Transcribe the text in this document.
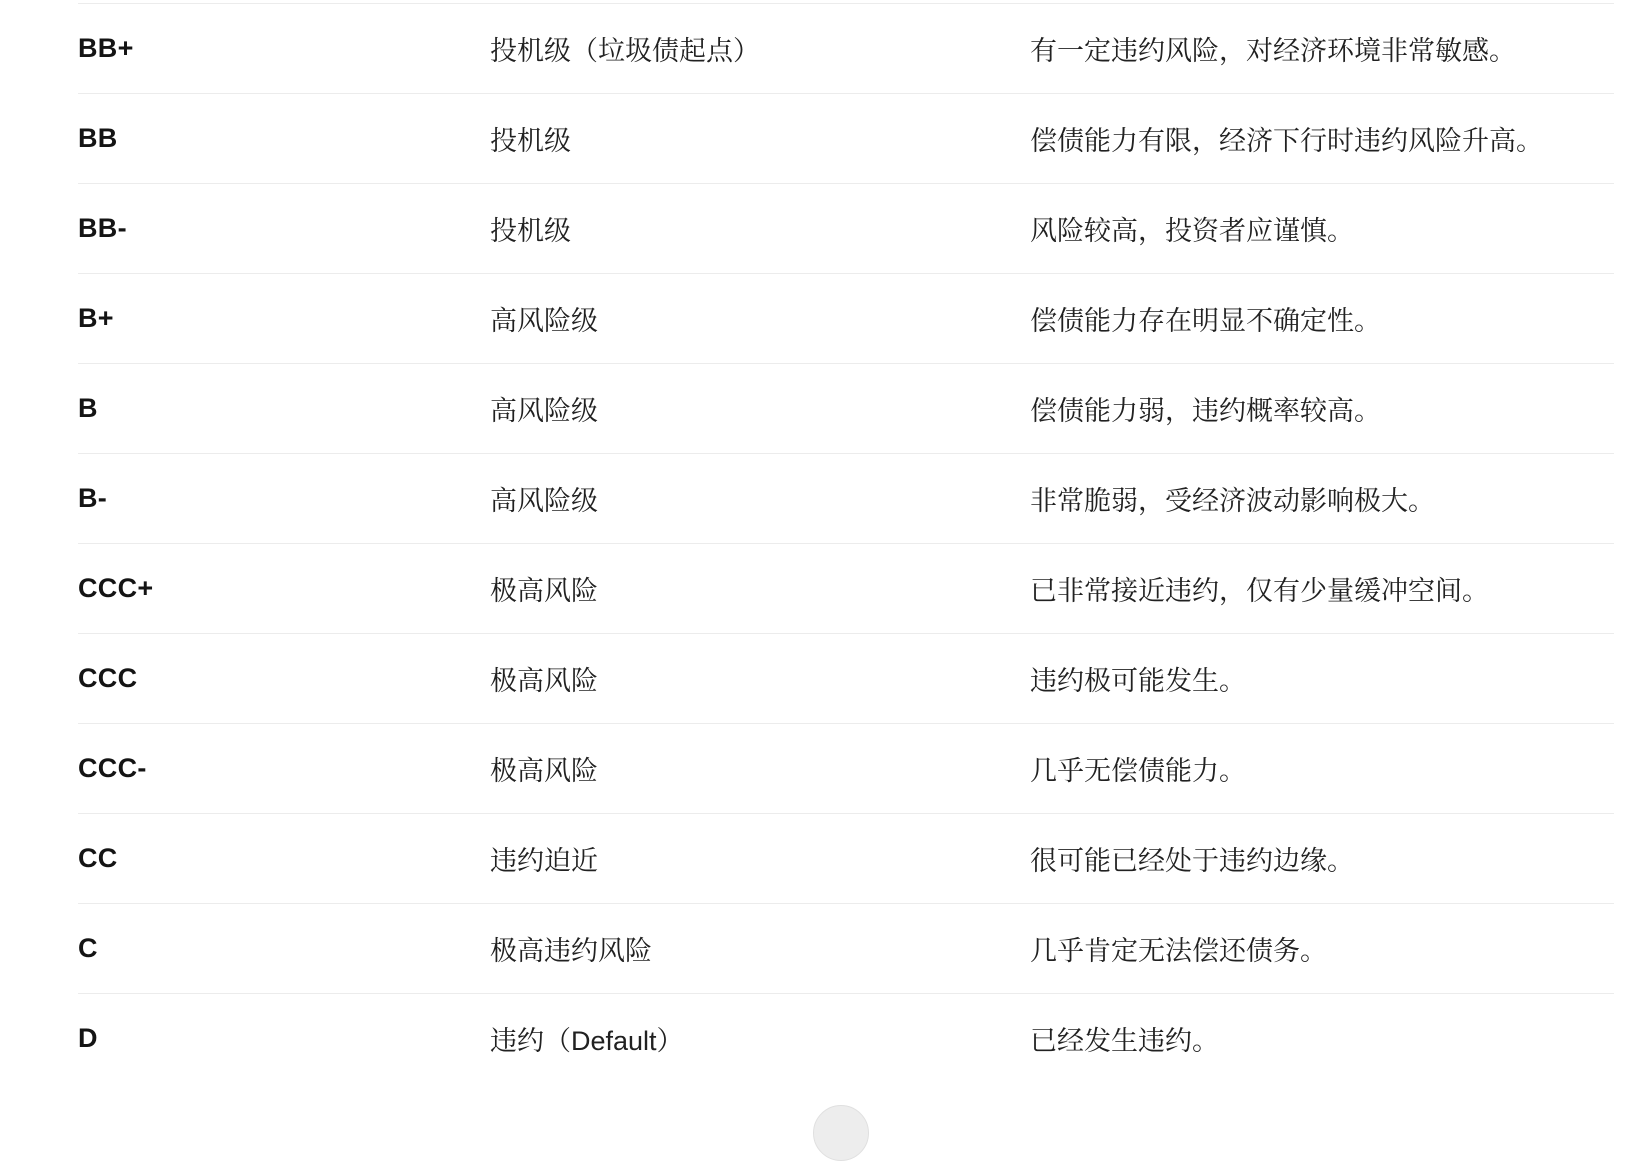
BB+	投机级（垃圾债起点）	有一定违约风险，对经济环境非常敏感。
BB	投机级	偿债能力有限，经济下行时违约风险升高。
BB-	投机级	风险较高，投资者应谨慎。
B+	高风险级	偿债能力存在明显不确定性。
B	高风险级	偿债能力弱，违约概率较高。
B-	高风险级	非常脆弱，受经济波动影响极大。
CCC+	极高风险	已非常接近违约，仅有少量缓冲空间。
CCC	极高风险	违约极可能发生。
CCC-	极高风险	几乎无偿债能力。
CC	违约迫近	很可能已经处于违约边缘。
C	极高违约风险	几乎肯定无法偿还债务。
D	违约（Default）	已经发生违约。
